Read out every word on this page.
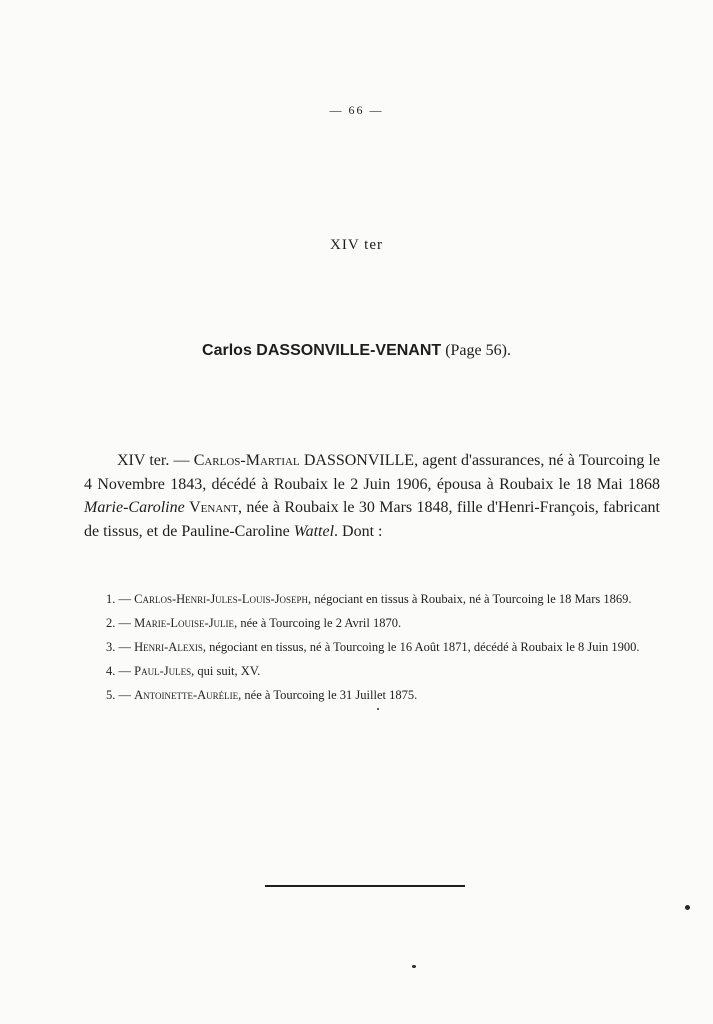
— 66 —
XIV ter
Carlos DASSONVILLE-VENANT (Page 56).

XIV ter. — Carlos-Martial DASSONVILLE, agent d'assurances, né à Tourcoing le 4 Novembre 1843, décédé à Roubaix le 2 Juin 1906, épousa à Roubaix le 18 Mai 1868 Marie-Caroline Venant, née à Roubaix le 30 Mars 1848, fille d'Henri-François, fabricant de tissus, et de Pauline-Caroline Wattel. Dont :

1. — Carlos-Henri-Jules-Louis-Joseph, négociant en tissus à Roubaix, né à Tourcoing le 18 Mars 1869.
2. — Marie-Louise-Julie, née à Tourcoing le 2 Avril 1870.
3. — Henri-Alexis, négociant en tissus, né à Tourcoing le 16 Août 1871, décédé à Roubaix le 8 Juin 1900.
4. — Paul-Jules, qui suit, XV.
5. — Antoinette-Aurélie, née à Tourcoing le 31 Juillet 1875.
